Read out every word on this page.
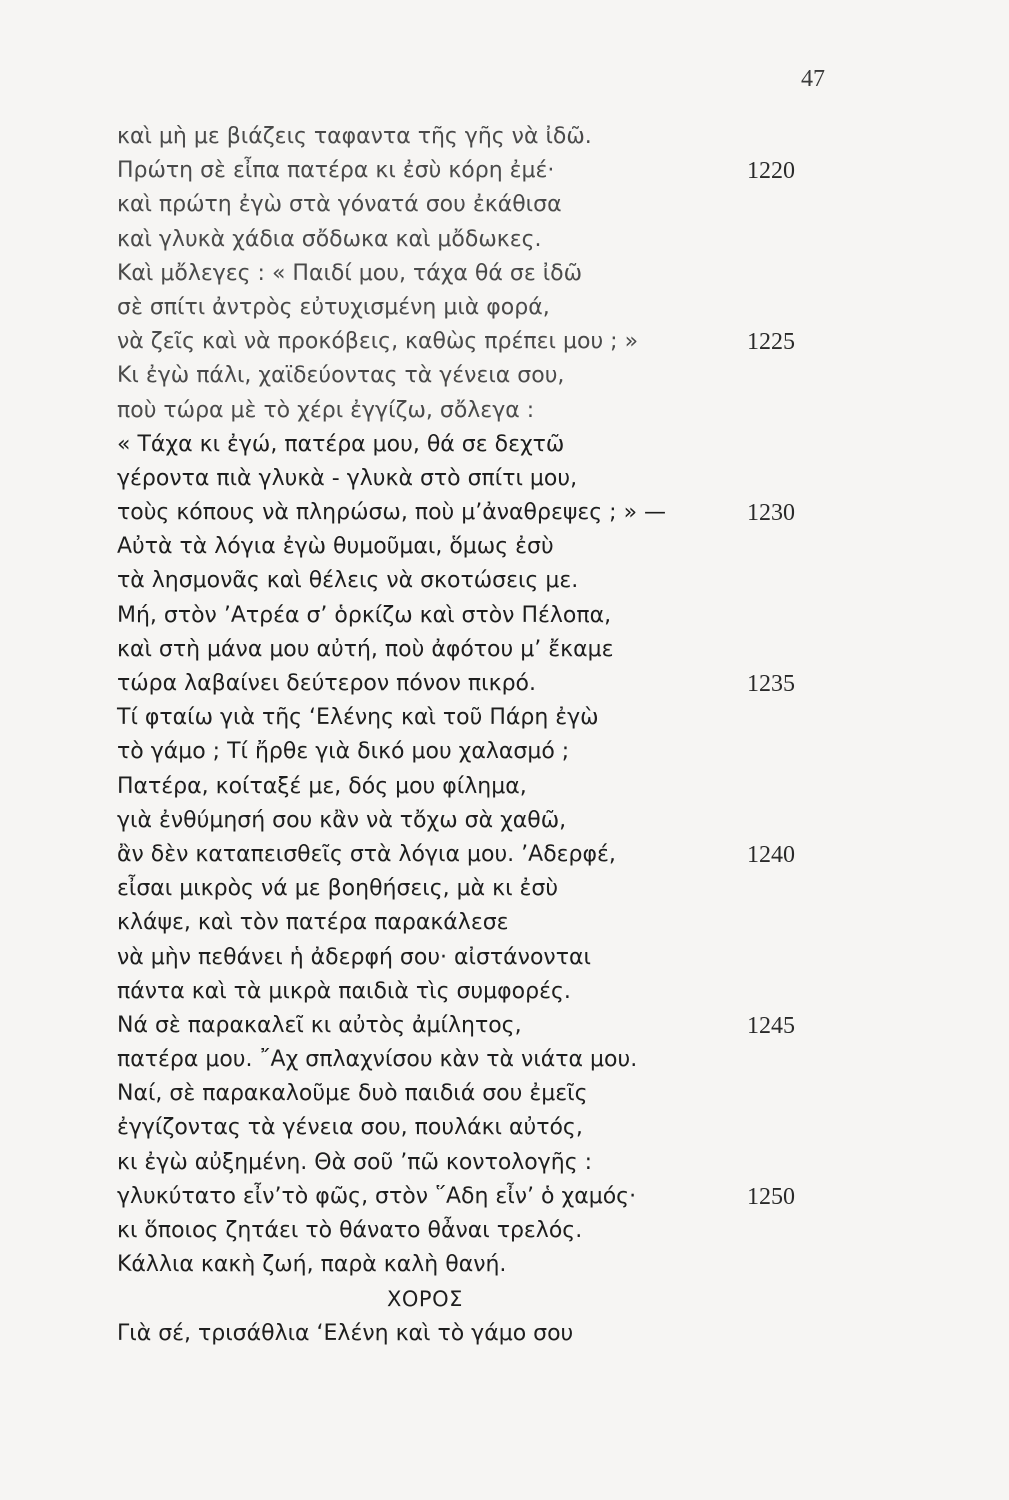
47
καὶ μὴ με βιάζεις ταφαντα τῆς γῆς νὰ ἰδῶ.
Πρώτη σὲ εἶπα πατέρα κι ἐσὺ κόρη ἐμέ·	1220
καὶ πρώτη ἐγὼ στὰ γόνατά σου ἐκάθισα
καὶ γλυκὰ χάδια σὄδωκα καὶ μὄδωκες.
Καὶ μὄλεγες : « Παιδί μου, τάχα θά σε ἰδῶ
σὲ σπίτι ἀντρὸς εὐτυχισμένη μιὰ φορά,
νὰ ζεῖς καὶ νὰ προκόβεις, καθὼς πρέπει μου ; »	1225
Κι ἐγὼ πάλι, χαϊδεύοντας τὰ γένεια σου,
ποὺ τώρα μὲ τὸ χέρι ἐγγίζω, σὄλεγα :
« Τάχα κι ἐγώ, πατέρα μου, θά σε δεχτῶ
γέροντα πιὰ γλυκὰ - γλυκὰ στὸ σπίτι μου,
τοὺς κόπους νὰ πληρώσω, ποὺ μ’ἀναθρεψες ; » —	1230
Αὐτὰ τὰ λόγια ἐγὼ θυμοῦμαι, ὅμως ἐσὺ
τὰ λησμονᾶς καὶ θέλεις νὰ σκοτώσεις με.
Μή, στὸν ’Ατρέα σ’ ὁρκίζω καὶ στὸν Πέλοπα,
καὶ στὴ μάνα μου αὐτή, ποὺ ἀφότου μ’ ἔκαμε
τώρα λαβαίνει δεύτερον πόνον πικρό.	1235
Τί φταίω γιὰ τῆς ‘Ελένης καὶ τοῦ Πάρη ἐγὼ
τὸ γάμο ; Τί ἤρθε γιὰ δικό μου χαλασμό ;
Πατέρα, κοίταξέ με, δός μου φίλημα,
γιὰ ἐνθύμησή σου κἂν νὰ τὄχω σὰ χαθῶ,
ἂν δὲν καταπεισθεῖς στὰ λόγια μου. ’Αδερφέ,	1240
εἶσαι μικρὸς νά με βοηθήσεις, μὰ κι ἐσὺ
κλάψε, καὶ τὸν πατέρα παρακάλεσε
νὰ μὴν πεθάνει ἡ ἀδερφή σου· αἰστάνονται
πάντα καὶ τὰ μικρὰ παιδιὰ τὶς συμφορές.
Νά σὲ παρακαλεῖ κι αὐτὸς ἀμίλητος,	1245
πατέρα μου. ῎Αχ σπλαχνίσου κὰν τὰ νιάτα μου.
Ναί, σὲ παρακαλοῦμε δυὸ παιδιά σου ἐμεῖς
ἐγγίζοντας τὰ γένεια σου, πουλάκι αὐτός,
κι ἐγὼ αὐξημένη. Θὰ σοῦ ’πῶ κοντολογῆς :
γλυκύτατο εἶν’τὸ φῶς, στὸν ῞Αδη εἶν’ ὁ χαμός·	1250
κι ὅποιος ζητάει τὸ θάνατο θἆναι τρελός.
Κάλλια κακὴ ζωή, παρὰ καλὴ θανή.
ΧΟΡΟΣ
Γιὰ σέ, τρισάθλια ‘Ελένη καὶ τὸ γάμο σου
